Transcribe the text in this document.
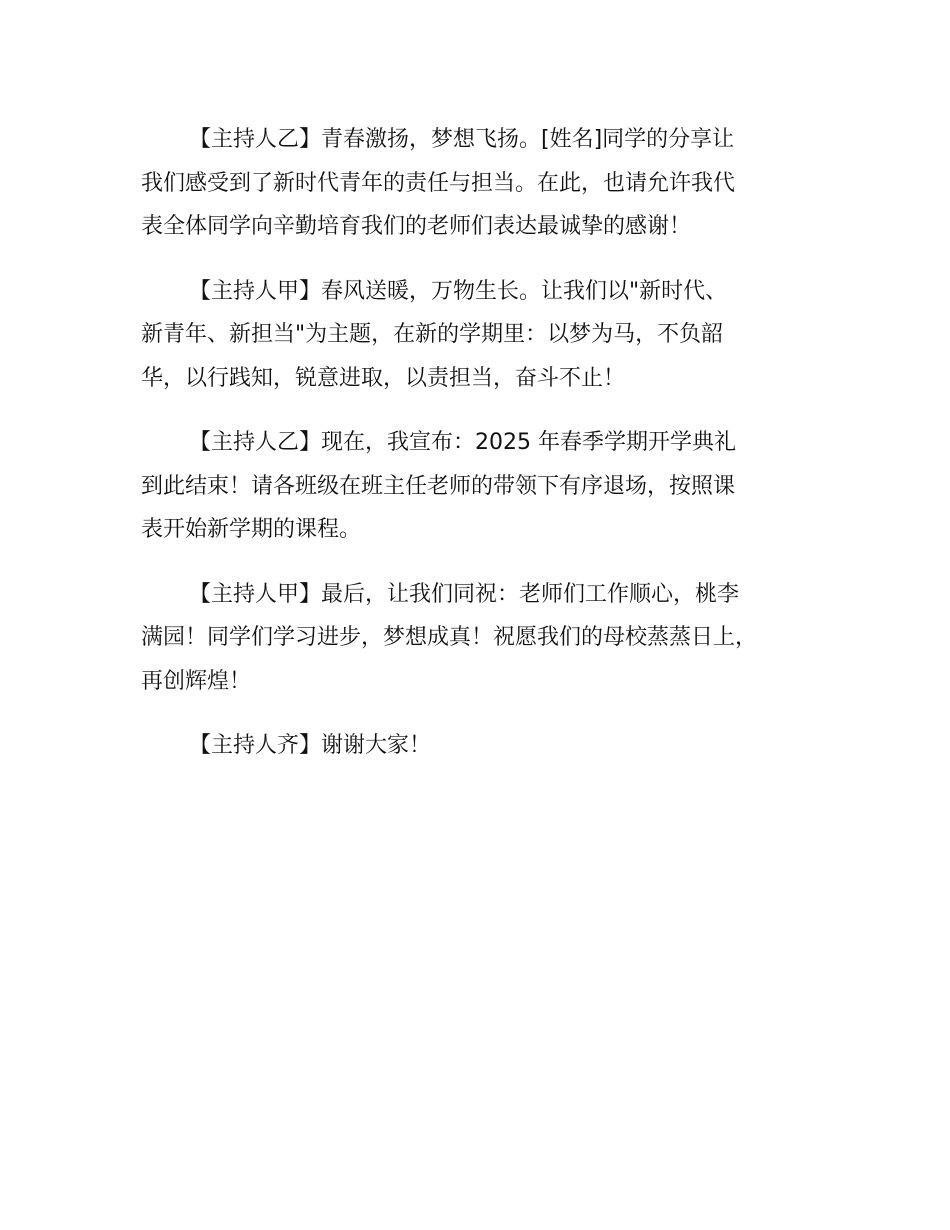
【主持人乙】青春激扬，梦想飞扬。[姓名]同学的分享让
我们感受到了新时代青年的责任与担当。在此，也请允许我代
表全体同学向辛勤培育我们的老师们表达最诚挚的感谢！

【主持人甲】春风送暖，万物生长。让我们以"新时代、
新青年、新担当"为主题，在新的学期里：以梦为马，不负韶
华，以行践知，锐意进取，以责担当，奋斗不止！

【主持人乙】现在，我宣布：2025 年春季学期开学典礼
到此结束！请各班级在班主任老师的带领下有序退场，按照课
表开始新学期的课程。

【主持人甲】最后，让我们同祝：老师们工作顺心，桃李
满园！同学们学习进步，梦想成真！祝愿我们的母校蒸蒸日上，
再创辉煌！

【主持人齐】谢谢大家！
